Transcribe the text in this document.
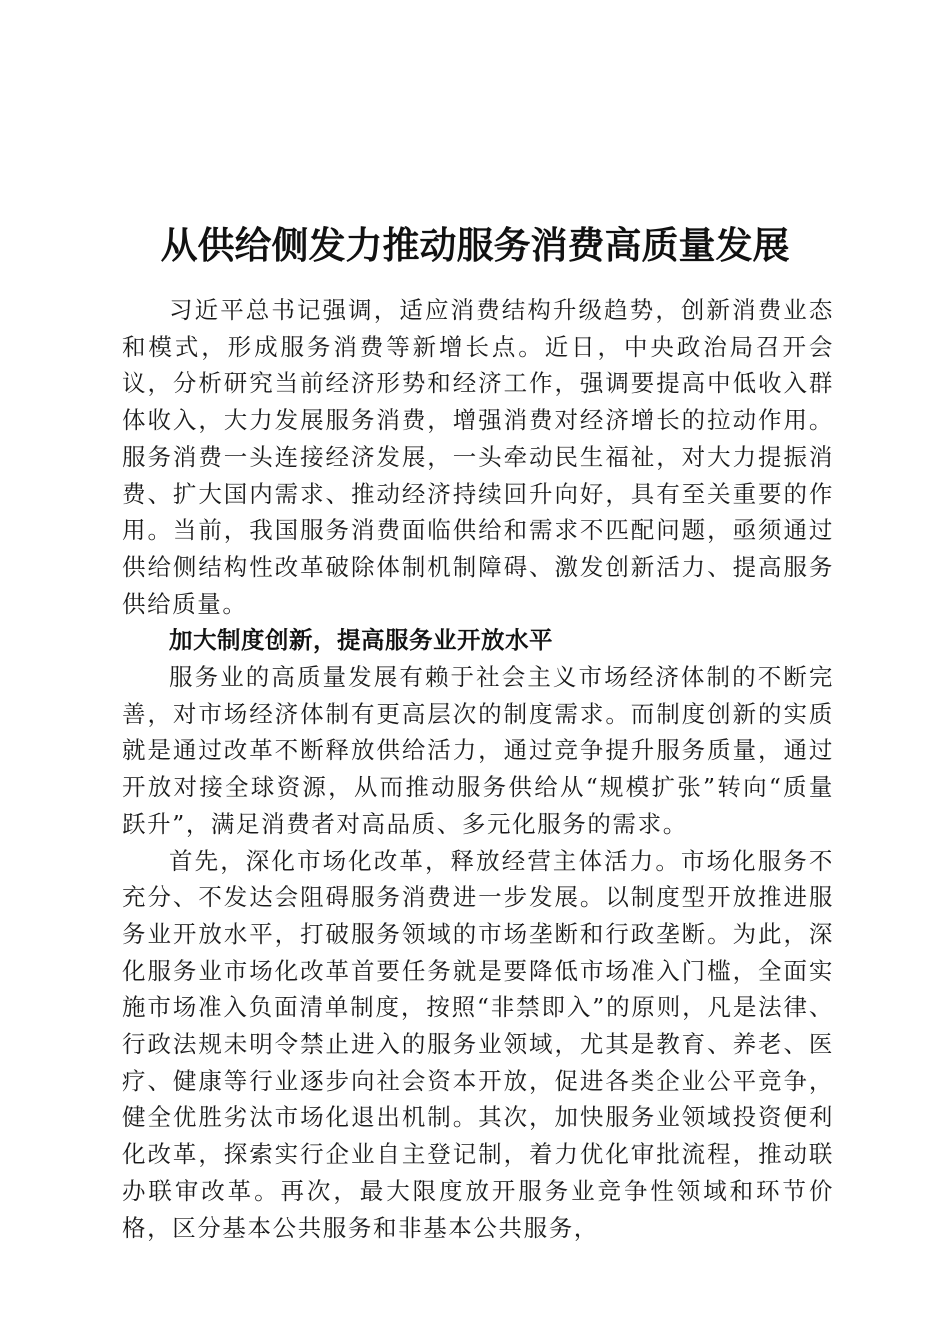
从供给侧发力推动服务消费高质量发展

习近平总书记强调，适应消费结构升级趋势，创新消费业态和模式，形成服务消费等新增长点。近日，中央政治局召开会议，分析研究当前经济形势和经济工作，强调要提高中低收入群体收入，大力发展服务消费，增强消费对经济增长的拉动作用。服务消费一头连接经济发展，一头牵动民生福祉，对大力提振消费、扩大国内需求、推动经济持续回升向好，具有至关重要的作用。当前，我国服务消费面临供给和需求不匹配问题，亟须通过供给侧结构性改革破除体制机制障碍、激发创新活力、提高服务供给质量。

加大制度创新，提高服务业开放水平

服务业的高质量发展有赖于社会主义市场经济体制的不断完善，对市场经济体制有更高层次的制度需求。而制度创新的实质就是通过改革不断释放供给活力，通过竞争提升服务质量，通过开放对接全球资源，从而推动服务供给从“规模扩张”转向“质量跃升”，满足消费者对高品质、多元化服务的需求。

首先，深化市场化改革，释放经营主体活力。市场化服务不充分、不发达会阻碍服务消费进一步发展。以制度型开放推进服务业开放水平，打破服务领域的市场垄断和行政垄断。为此，深化服务业市场化改革首要任务就是要降低市场准入门槛，全面实施市场准入负面清单制度，按照“非禁即入”的原则，凡是法律、行政法规未明令禁止进入的服务业领域，尤其是教育、养老、医疗、健康等行业逐步向社会资本开放，促进各类企业公平竞争，健全优胜劣汰市场化退出机制。其次，加快服务业领域投资便利化改革，探索实行企业自主登记制，着力优化审批流程，推动联办联审改革。再次，最大限度放开服务业竞争性领域和环节价格，区分基本公共服务和非基本公共服务，
